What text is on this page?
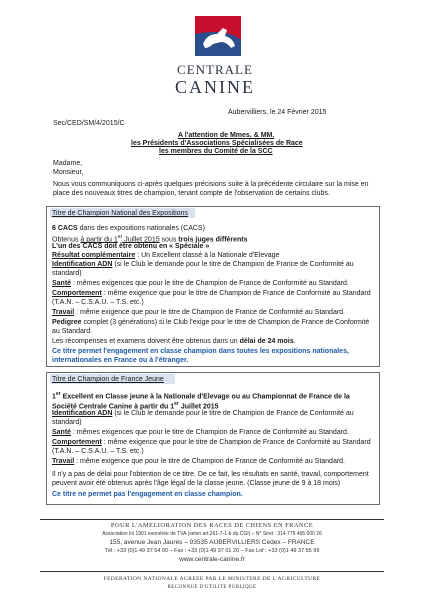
CENTRALE
CANINE
Aubervilliers, le 24 Février 2015
Sec/CED/SM/4/2015/C
A l'attention de Mmes. & MM.
les Présidents d'Associations Spécialisées de Race
les membres du Comité de la SCC
Madame,
Monsieur,
Nous vous communiquons ci-après quelques précisions suite à la précédente circulaire sur la mise en
place des nouveaux titres de champion, tenant compte de l'observation de certains clubs.
Titre de Champion National des Expositions
6 CACS dans des expositions nationales (CACS)
Obtenus à partir du 1er Juillet 2015 sous trois juges différents
L'un des CACS doit être obtenu en « Spéciale »
Résultat complémentaire : Un Excellent classé à la Nationale d'Elevage
Identification ADN (si le Club le demande pour le titre de Champion de France de Conformité au
standard)
Santé : mêmes exigences que pour le titre de Champion de France de Conformité au Standard.
Comportement : même exigence que pour le titre de Champion de France de Conformité au Standard
(T.A.N. – C.S.A.U. – T.S. etc.)
Travail : même exigence que pour le titre de Champion de France de Conformité au Standard.
Pedigree complet (3 générations) si le Club l'exige pour le titre de Champion de France de Conformité
au Standard.
Les récompenses et examens doivent être obtenus dans un délai de 24 mois.
Ce titre permet l'engagement en classe champion dans toutes les expositions nationales,
internationales en France ou à l'étranger.
Titre de Champion de France Jeune
1er Excellent en Classe jeune à la Nationale d'Elevage ou au Championnat de France de la
Société Centrale Canine à partir du 1er Juillet 2015
Identification ADN (si le Club le demande pour le titre de Champion de France de Conformité au
standard)
Santé : mêmes exigences que pour le titre de Champion de France de Conformité au Standard.
Comportement : même exigence que pour le titre de Champion de France de Conformité au Standard
(T.A.N. – C.S.A.U. – T.S. etc.)
Travail : même exigence que pour le titre de Champion de France de Conformité au Standard.
Il n'y a pas de délai pour l'obtention de ce titre. De ce fait, les résultats en santé, travail, comportement
peuvent avoir été obtenus après l'âge légal de la classe jeune. (Classe jeune de 9 à 18 mois)
Ce titre ne permet pas l'engagement en classe champion.
POUR L'AMELIORATION DES RACES DE CHIENS EN FRANCE
Association loi 1901 exonérée de TVA (selon art.261-7-1-b du CGI) – N° Siret : 314 775 495 000 26
155, avenue Jean Jaurès – 93535 AUBERVILLIERS Cedex – FRANCE
Tél : +33 (0)1 49 37 54 00 – Fax : +33 (0)1 49 37 01 20 – Fax Lof : +33 (0)1 49 37 55 99
www.centrale-canine.fr
FEDERATION NATIONALE AGREEE PAR LE MINISTERE DE L'AGRICULTURE
RECONNUE D'UTILITE PUBLIQUE
